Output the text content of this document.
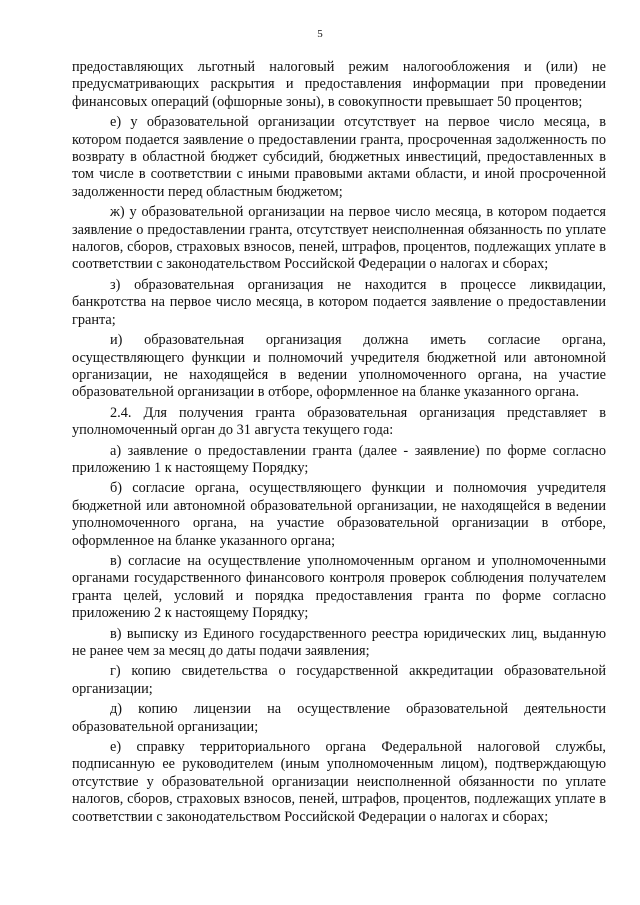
5

предоставляющих льготный налоговый режим налогообложения и (или) не предусматривающих раскрытия и предоставления информации при проведении финансовых операций (офшорные зоны), в совокупности превышает 50 процентов;

е) у образовательной организации отсутствует на первое число месяца, в котором подается заявление о предоставлении гранта, просроченная задолженность по возврату в областной бюджет субсидий, бюджетных инвестиций, предоставленных в том числе в соответствии с иными правовыми актами области, и иной просроченной задолженности перед областным бюджетом;

ж) у образовательной организации на первое число месяца, в котором подается заявление о предоставлении гранта, отсутствует неисполненная обязанность по уплате налогов, сборов, страховых взносов, пеней, штрафов, процентов, подлежащих уплате в соответствии с законодательством Российской Федерации о налогах и сборах;

з) образовательная организация не находится в процессе ликвидации, банкротства на первое число месяца, в котором подается заявление о предоставлении гранта;

и) образовательная организация должна иметь согласие органа, осуществляющего функции и полномочий учредителя бюджетной или автономной организации, не находящейся в ведении уполномоченного органа, на участие образовательной организации в отборе, оформленное на бланке указанного органа.

2.4. Для получения гранта образовательная организация представляет в уполномоченный орган до 31 августа текущего года:

а) заявление о предоставлении гранта (далее - заявление) по форме согласно приложению 1 к настоящему Порядку;

б) согласие органа, осуществляющего функции и полномочия учредителя бюджетной или автономной образовательной организации, не находящейся в ведении уполномоченного органа, на участие образовательной организации в отборе, оформленное на бланке указанного органа;

в) согласие на осуществление уполномоченным органом и уполномоченными органами государственного финансового контроля проверок соблюдения получателем гранта целей, условий и порядка предоставления гранта по форме согласно приложению 2 к настоящему Порядку;

в) выписку из Единого государственного реестра юридических лиц, выданную не ранее чем за месяц до даты подачи заявления;

г) копию свидетельства о государственной аккредитации образовательной организации;

д) копию лицензии на осуществление образовательной деятельности образовательной организации;

е) справку территориального органа Федеральной налоговой службы, подписанную ее руководителем (иным уполномоченным лицом), подтверждающую отсутствие у образовательной организации неисполненной обязанности по уплате налогов, сборов, страховых взносов, пеней, штрафов, процентов, подлежащих уплате в соответствии с законодательством Российской Федерации о налогах и сборах;
